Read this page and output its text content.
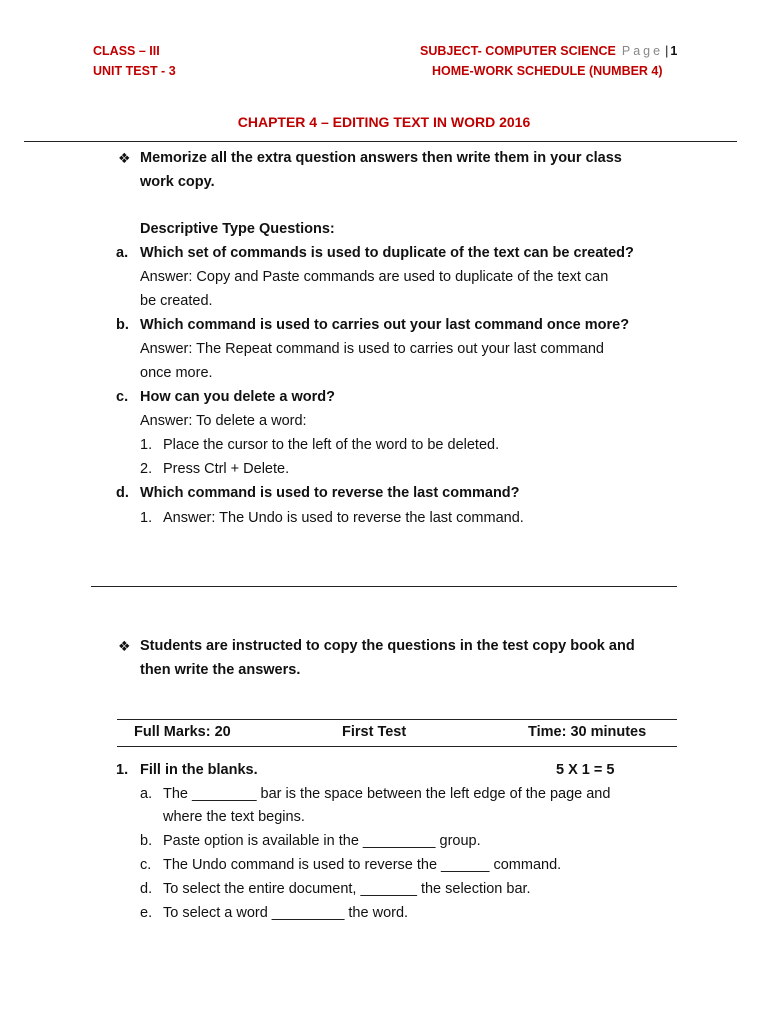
CLASS – III
UNIT TEST - 3
SUBJECT- COMPUTER SCIENCE Page | 1
HOME-WORK SCHEDULE (NUMBER 4)
CHAPTER 4 – EDITING TEXT IN WORD 2016
❖ Memorize all the extra question answers then write them in your class
work copy.
Descriptive Type Questions:
a. Which set of commands is used to duplicate of the text can be created?
Answer: Copy and Paste commands are used to duplicate of the text can
be created.
b. Which command is used to carries out your last command once more?
Answer: The Repeat command is used to carries out your last command
once more.
c. How can you delete a word?
Answer: To delete a word:
1. Place the cursor to the left of the word to be deleted.
2. Press Ctrl + Delete.
d. Which command is used to reverse the last command?
1. Answer: The Undo is used to reverse the last command.
❖ Students are instructed to copy the questions in the test copy book and
then write the answers.
Full Marks: 20	First Test	Time: 30 minutes
1. Fill in the blanks.	5 X 1 = 5
a. The ________ bar is the space between the left edge of the page and
where the text begins.
b. Paste option is available in the _________ group.
c. The Undo command is used to reverse the ______ command.
d. To select the entire document, _______ the selection bar.
e. To select a word _________ the word.
